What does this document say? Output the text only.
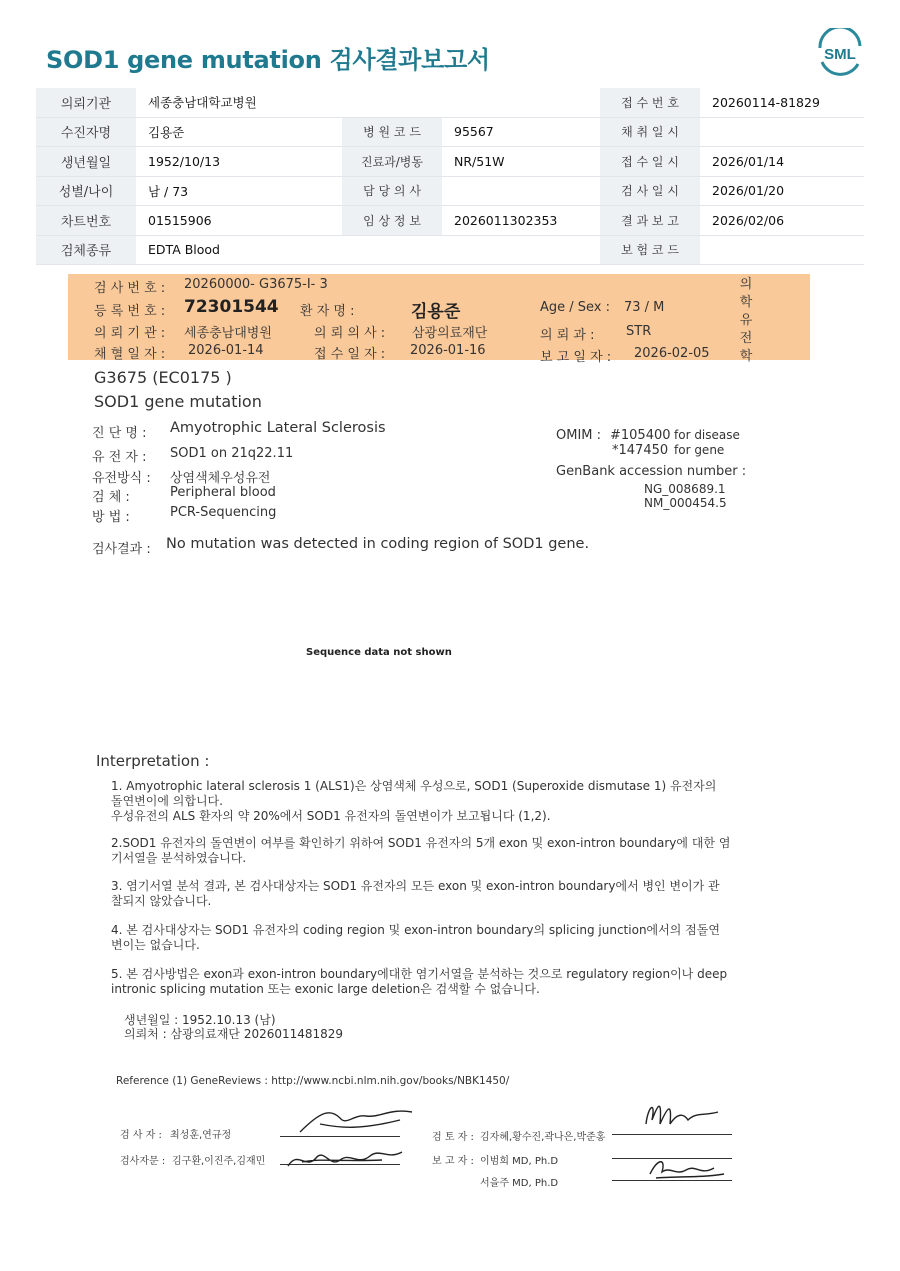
SOD1 gene mutation 검사결과보고서	SML
의뢰기관	세종충남대학교병원			접 수 번 호	20260114-81829
수진자명	김용준	병 원 코 드	95567	채 취 일 시	
생년월일	1952/10/13	진료과/병동	NR/51W	접 수 일 시	2026/01/14
성별/나이	남 / 73	담 당 의 사		검 사 일 시	2026/01/20
차트번호	01515906	임 상 정 보	2026011302353	결 과 보 고	2026/02/06
검체종류	EDTA Blood			보 험 코 드	
검 사 번 호 : 20260000- G3675-I- 3
등 록 번 호 : 72301544 환 자 명 :	김용준	Age / Sex : 73 / M
의 뢰 기 관 : 세종충남대병원	의 뢰 의 사 : 삼광의료재단	의 뢰 과 : STR
채 혈 일 자 : 2026-01-14	접 수 일 자 : 2026-01-16	보 고 일 자 : 2026-02-05
의
학
유
전
학
G3675 (EC0175 )
SOD1 gene mutation
진 단 명 : Amyotrophic Lateral Sclerosis
유 전 자 : SOD1 on 21q22.11
유전방식 : 상염색체우성유전
검 체 :	Peripheral blood
방 법 :	PCR-Sequencing
OMIM : #105400 for disease
*147450 for gene
GenBank accession number :
NG_008689.1
NM_000454.5
검사결과 : No mutation was detected in coding region of SOD1 gene.
Sequence data not shown
Interpretation :
1. Amyotrophic lateral sclerosis 1 (ALS1)은 상염색체 우성으로, SOD1 (Superoxide dismutase 1) 유전자의 돌연변이에 의합니다.
우성유전의 ALS 환자의 약 20%에서 SOD1 유전자의 돌연변이가 보고됩니다 (1,2).
2.SOD1 유전자의 돌연변이 여부를 확인하기 위하여 SOD1 유전자의 5개 exon 및 exon-intron boundary에 대한 염기서열을 분석하였습니다.
3. 염기서열 분석 결과, 본 검사대상자는 SOD1 유전자의 모든 exon 및 exon-intron boundary에서 병인 변이가 관찰되지 않았습니다.
4. 본 검사대상자는 SOD1 유전자의 coding region 및 exon-intron boundary의 splicing junction에서의 점돌연변이는 없습니다.
5. 본 검사방법은 exon과 exon-intron boundary에대한 염기서열을 분석하는 것으로 regulatory region이나 deep intronic splicing mutation 또는 exonic large deletion은 검색할 수 없습니다.
생년월일 : 1952.10.13 (남)
의뢰처 : 삼광의료재단 2026011481829
Reference (1) GeneReviews : http://www.ncbi.nlm.nih.gov/books/NBK1450/
검 사 자 : 최성훈,연규정
검사자문 : 김구환,이진주,김재민
검 토 자 : 김자혜,황수진,곽나은,박준홍
보 고 자 : 이범희 MD, Ph.D
서을주 MD, Ph.D
